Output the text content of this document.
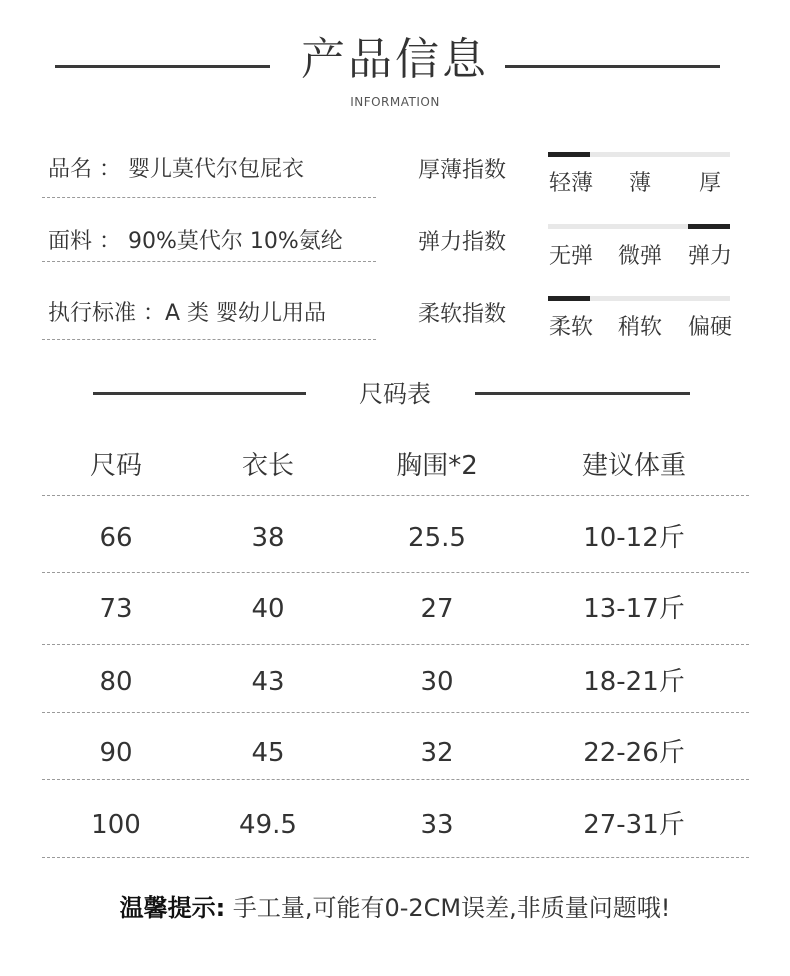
产品信息
INFORMATION
品名 ： 婴儿莫代尔包屁衣
面料 ： 90%莫代尔 10%氨纶
执行标准 ：A 类 婴幼儿用品
厚薄指数
轻薄	薄	厚
弹力指数
无弹	微弹	弹力
柔软指数
柔软	稍软	偏硬
尺码表
尺码	衣长	胸围*2	建议体重
66	38	25.5	10-12斤
73	40	27	13-17斤
80	43	30	18-21斤
90	45	32	22-26斤
100	49.5	33	27-31斤
温馨提示: 手工量,可能有0-2CM误差,非质量问题哦!
